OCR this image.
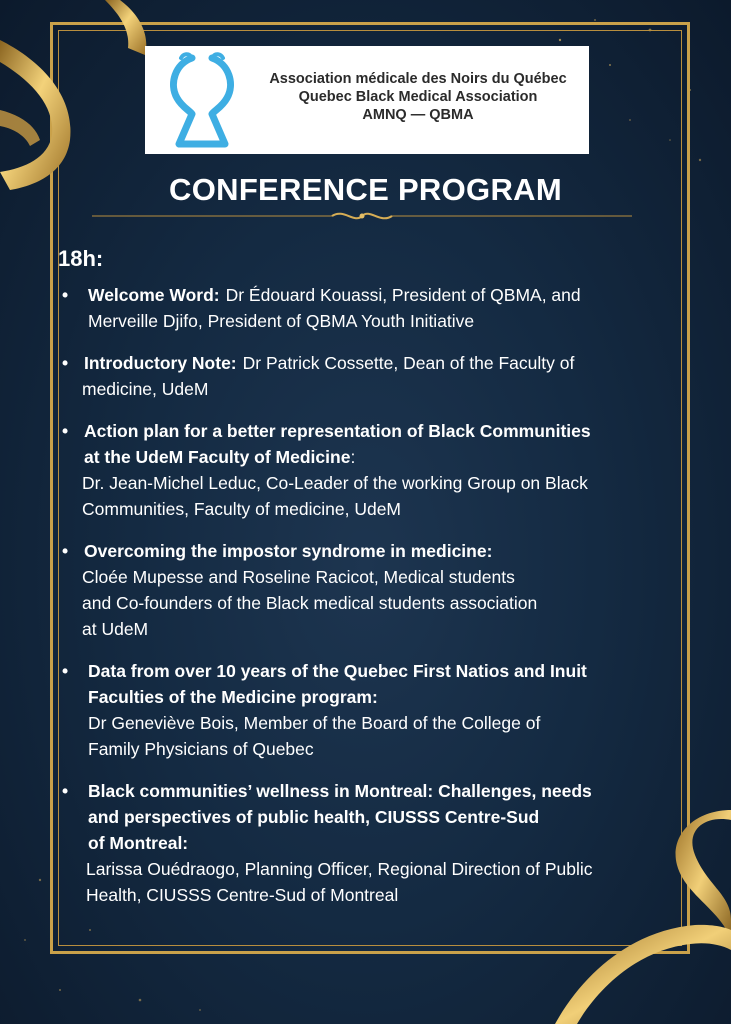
Association médicale des Noirs du Québec
Quebec Black Medical Association
AMNQ — QBMA
CONFERENCE PROGRAM
18h:
•	Welcome Word: Dr Édouard Kouassi, President of QBMA, and
Merveille Djifo, President of QBMA Youth Initiative
• Introductory Note: Dr Patrick Cossette, Dean of the Faculty of
medicine, UdeM
• Action plan for a better representation of Black Communities
at the UdeM Faculty of Medicine:
Dr. Jean-Michel Leduc, Co-Leader of the working Group on Black
Communities, Faculty of medicine, UdeM
• Overcoming the impostor syndrome in medicine:
Cloée Mupesse and Roseline Racicot, Medical students
and Co-founders of the Black medical students association
at UdeM
•	Data from over 10 years of the Quebec First Natios and Inuit
Faculties of the Medicine program:
Dr Geneviève Bois, Member of the Board of the College of
Family Physicians of Quebec
•	Black communities’ wellness in Montreal: Challenges, needs
and perspectives of public health, CIUSSS Centre-Sud
of Montreal:
Larissa Ouédraogo, Planning Officer, Regional Direction of Public
Health, CIUSSS Centre-Sud of Montreal
